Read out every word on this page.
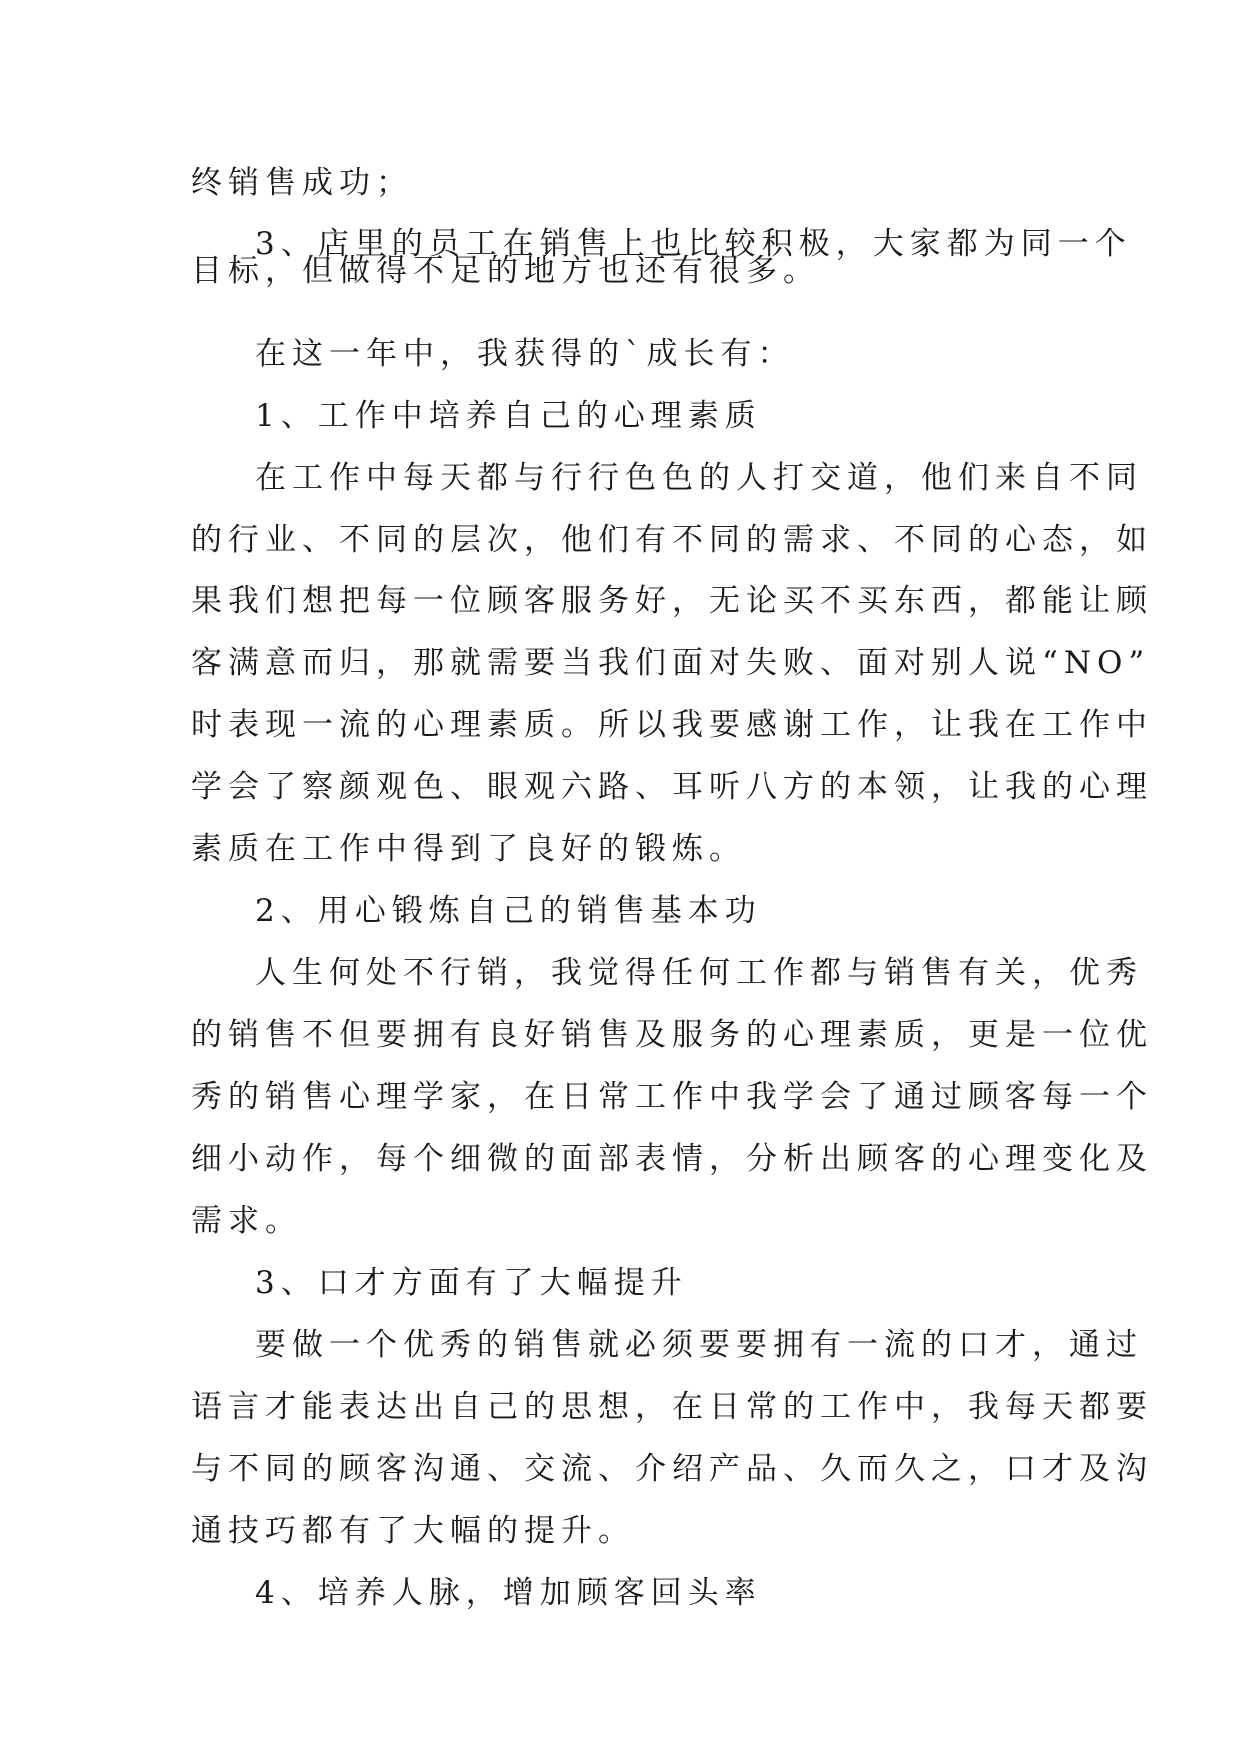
终销售成功；
3、店里的员工在销售上也比较积极，大家都为同一个
目标，但做得不足的地方也还有很多。
在这一年中，我获得的`成长有：
1、工作中培养自己的心理素质
在工作中每天都与行行色色的人打交道，他们来自不同
的行业、不同的层次，他们有不同的需求、不同的心态，如
果我们想把每一位顾客服务好，无论买不买东西，都能让顾
客满意而归，那就需要当我们面对失败、面对别人说“NO”
时表现一流的心理素质。所以我要感谢工作，让我在工作中
学会了察颜观色、眼观六路、耳听八方的本领，让我的心理
素质在工作中得到了良好的锻炼。
2、用心锻炼自己的销售基本功
人生何处不行销，我觉得任何工作都与销售有关，优秀
的销售不但要拥有良好销售及服务的心理素质，更是一位优
秀的销售心理学家，在日常工作中我学会了通过顾客每一个
细小动作，每个细微的面部表情，分析出顾客的心理变化及
需求。
3、口才方面有了大幅提升
要做一个优秀的销售就必须要要拥有一流的口才，通过
语言才能表达出自己的思想，在日常的工作中，我每天都要
与不同的顾客沟通、交流、介绍产品、久而久之，口才及沟
通技巧都有了大幅的提升。
4、培养人脉，增加顾客回头率
